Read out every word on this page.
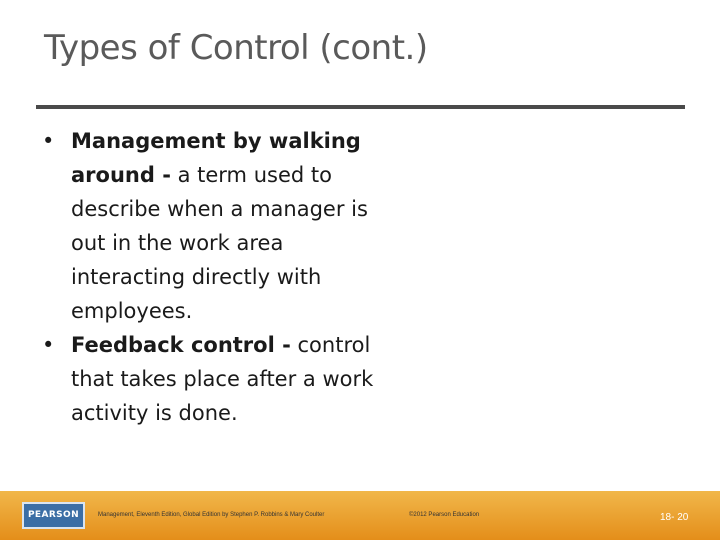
Types of Control (cont.)
• Management by walking around - a term used to describe when a manager is out in the work area interacting directly with employees.
• Feedback control - control that takes place after a work activity is done.
PEARSON	Management, Eleventh Edition, Global Edition by Stephen P. Robbins & Mary Coulter	©2012 Pearson Education	18- 20
